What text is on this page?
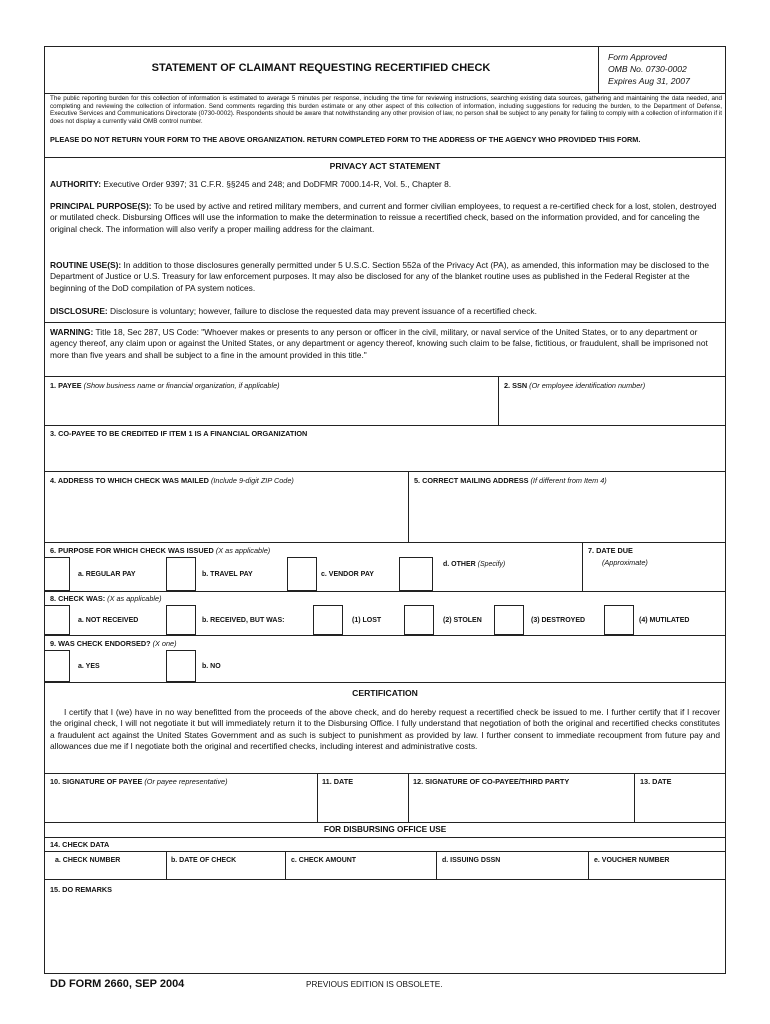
STATEMENT OF CLAIMANT REQUESTING RECERTIFIED CHECK
Form Approved
OMB No. 0730-0002
Expires Aug 31, 2007
The public reporting burden for this collection of information is estimated to average 5 minutes per response, including the time for reviewing instructions, searching existing data sources, gathering and maintaining the data needed, and completing and reviewing the collection of information. Send comments regarding this burden estimate or any other aspect of this collection of information, including suggestions for reducing the burden, to the Department of Defense, Executive Services and Communications Directorate (0730-0002). Respondents should be aware that notwithstanding any other provision of law, no person shall be subject to any penalty for failing to comply with a collection of information if it does not display a currently valid OMB control number.
PLEASE DO NOT RETURN YOUR FORM TO THE ABOVE ORGANIZATION. RETURN COMPLETED FORM TO THE ADDRESS OF THE AGENCY WHO PROVIDED THIS FORM.
PRIVACY ACT STATEMENT
AUTHORITY: Executive Order 9397; 31 C.F.R. §§245 and 248; and DoDFMR 7000.14-R, Vol. 5., Chapter 8.
PRINCIPAL PURPOSE(S): To be used by active and retired military members, and current and former civilian employees, to request a re-certified check for a lost, stolen, destroyed or mutilated check. Disbursing Offices will use the information to make the determination to reissue a recertified check, based on the information provided, and for canceling the original check. The information will also verify a proper mailing address for the claimant.
ROUTINE USE(S): In addition to those disclosures generally permitted under 5 U.S.C. Section 552a of the Privacy Act (PA), as amended, this information may be disclosed to the Department of Justice or U.S. Treasury for law enforcement purposes. It may also be disclosed for any of the blanket routine uses as published in the Federal Register at the beginning of the DoD compilation of PA system notices.
DISCLOSURE: Disclosure is voluntary; however, failure to disclose the requested data may prevent issuance of a recertified check.
WARNING: Title 18, Sec 287, US Code: "Whoever makes or presents to any person or officer in the civil, military, or naval service of the United States, or to any department or agency thereof, any claim upon or against the United States, or any department or agency thereof, knowing such claim to be false, fictitious, or fraudulent, shall be imprisoned not more than five years and shall be subject to a fine in the amount provided in this title."
1. PAYEE (Show business name or financial organization, if applicable)	2. SSN (Or employee identification number)
3. CO-PAYEE TO BE CREDITED IF ITEM 1 IS A FINANCIAL ORGANIZATION
4. ADDRESS TO WHICH CHECK WAS MAILED (Include 9-digit ZIP Code)	5. CORRECT MAILING ADDRESS (If different from Item 4)
6. PURPOSE FOR WHICH CHECK WAS ISSUED (X as applicable)
a. REGULAR PAY	b. TRAVEL PAY	c. VENDOR PAY
d. OTHER (Specify)
7. DATE DUE
(Approximate)
8. CHECK WAS: (X as applicable)
a. NOT RECEIVED	b. RECEIVED, BUT WAS:	(1) LOST	(2) STOLEN	(3) DESTROYED	(4) MUTILATED
9. WAS CHECK ENDORSED? (X one)
a. YES	b. NO
CERTIFICATION
I certify that I (we) have in no way benefitted from the proceeds of the above check, and do hereby request a recertified check be issued to me. I further certify that if I recover the original check, I will not negotiate it but will immediately return it to the Disbursing Office. I fully understand that negotiation of both the original and recertified checks constitutes a fraudulent act against the United States Government and as such is subject to punishment as provided by law. I further consent to immediate recoupment from future pay and allowances due me if I negotiate both the original and recertified checks, including interest and administrative costs.
10. SIGNATURE OF PAYEE (Or payee representative)	11. DATE	12. SIGNATURE OF CO-PAYEE/THIRD PARTY	13. DATE
FOR DISBURSING OFFICE USE
14. CHECK DATA
a. CHECK NUMBER	b. DATE OF CHECK	c. CHECK AMOUNT	d. ISSUING DSSN	e. VOUCHER NUMBER
15. DO REMARKS
DD FORM 2660, SEP 2004	PREVIOUS EDITION IS OBSOLETE.
